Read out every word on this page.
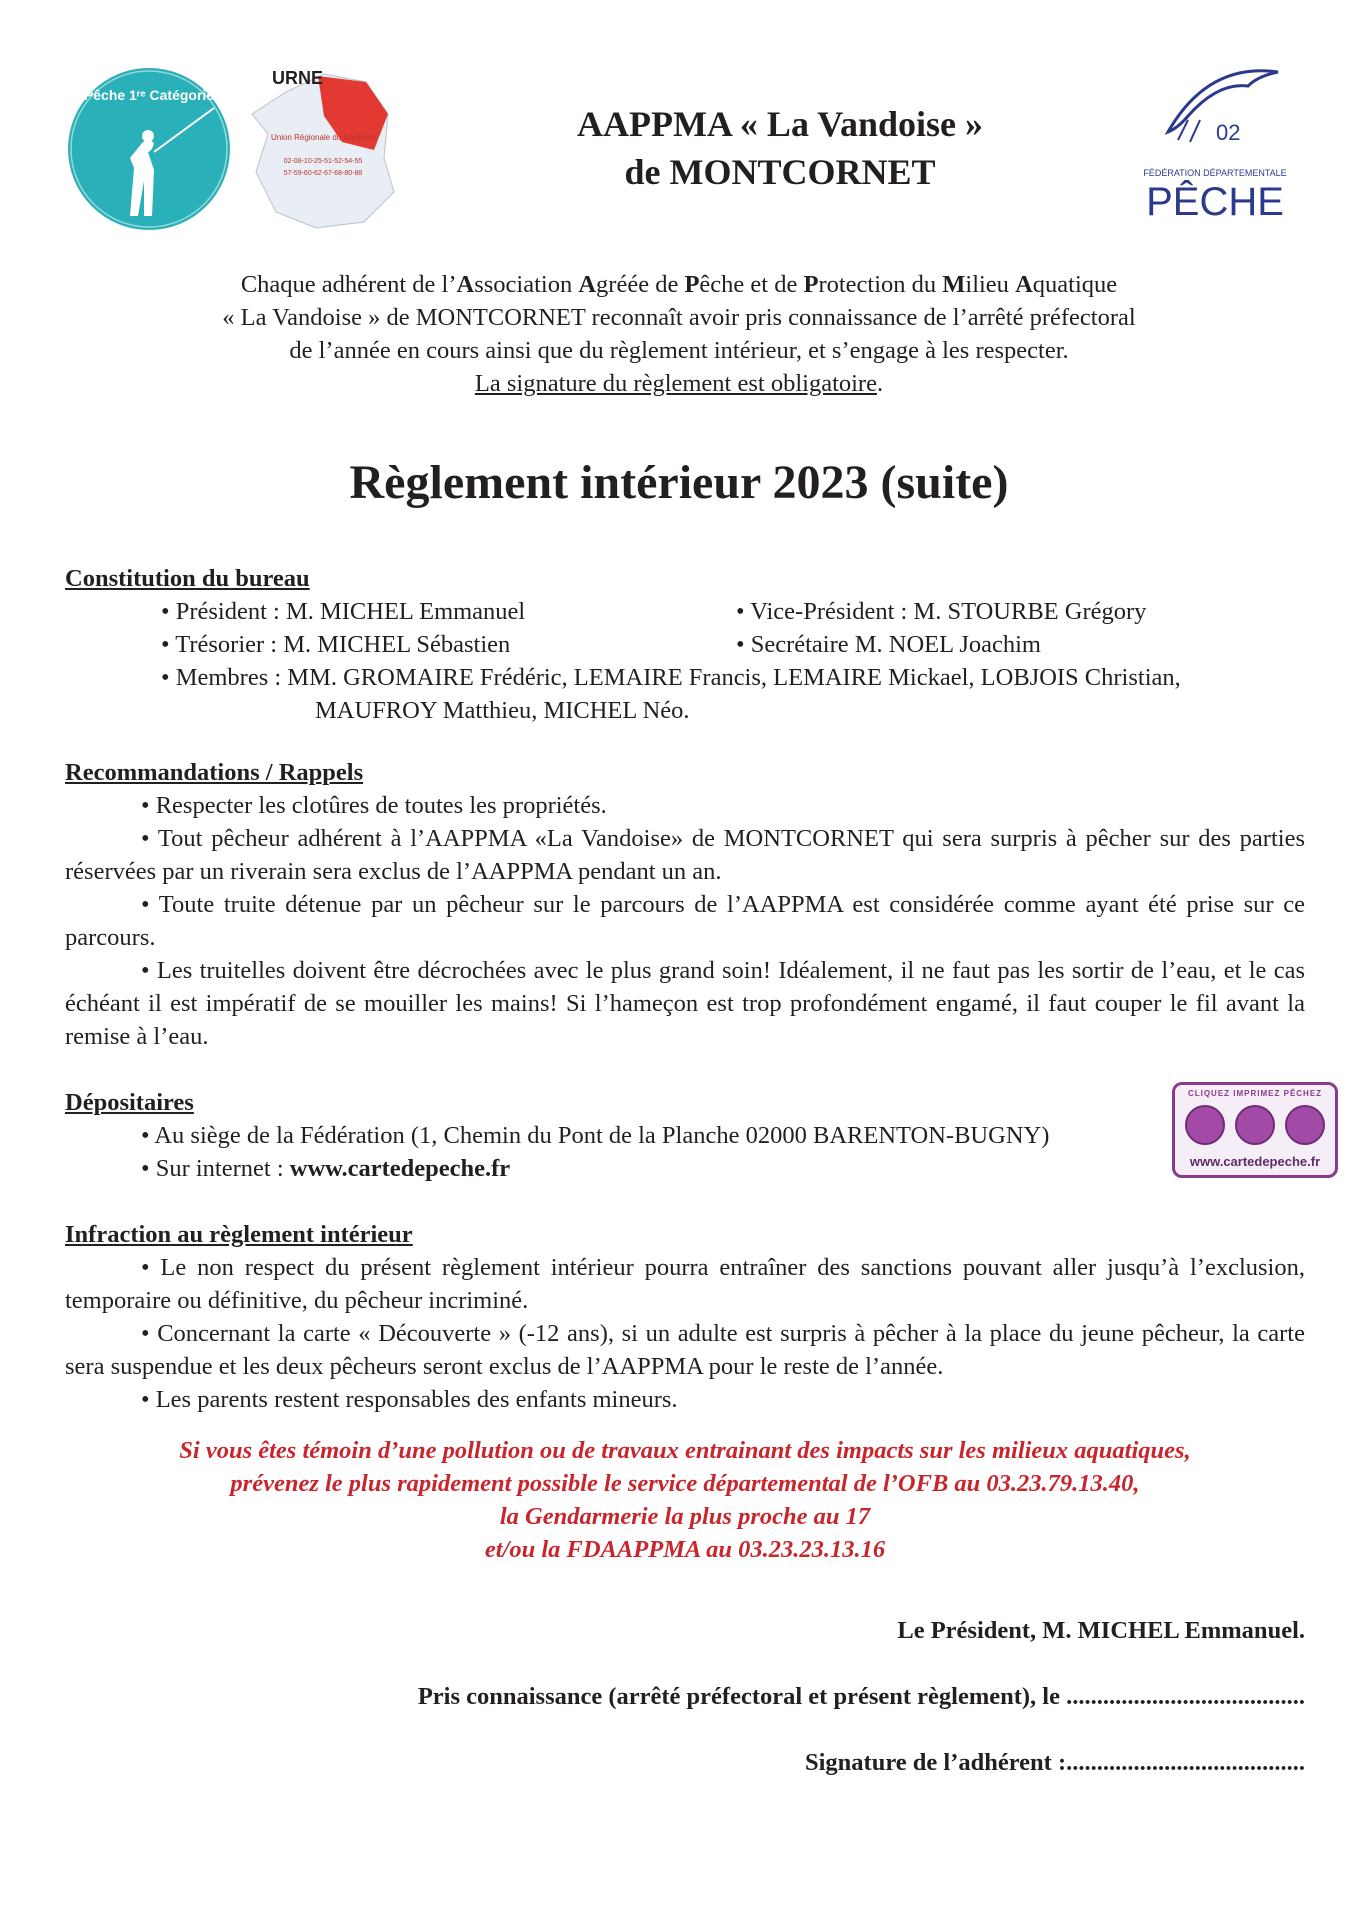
Pêche 1ʳᵉ Catégorie
URNE
Union Régionale du Nord-Est
02-08-10-25-51-52-54-55
57-59-60-62-67-68-80-88
02
FÉDÉRATION DÉPARTEMENTALE
PÊCHE
AAPPMA « La Vandoise »
de MONTCORNET
Chaque adhérent de l’Association Agréée de Pêche et de Protection du Milieu Aquatique
« La Vandoise » de MONTCORNET reconnaît avoir pris connaissance de l’arrêté préfectoral
de l’année en cours ainsi que du règlement intérieur, et s’engage à les respecter.
La signature du règlement est obligatoire.
Règlement intérieur 2023 (suite)
Constitution du bureau
• Président : M. MICHEL Emmanuel	• Vice-Président : M. STOURBE Grégory
• Trésorier : M. MICHEL Sébastien	• Secrétaire M. NOEL Joachim
• Membres : MM. GROMAIRE Frédéric, LEMAIRE Francis, LEMAIRE Mickael, LOBJOIS Christian,
MAUFROY Matthieu, MICHEL Néo.
Recommandations / Rappels
• Respecter les clotûres de toutes les propriétés.
• Tout pêcheur adhérent à l’AAPPMA «La Vandoise» de MONTCORNET qui sera surpris à pêcher sur des parties réservées par un riverain sera exclus de l’AAPPMA pendant un an.
• Toute truite détenue par un pêcheur sur le parcours de l’AAPPMA est considérée comme ayant été prise sur ce parcours.
• Les truitelles doivent être décrochées avec le plus grand soin! Idéalement, il ne faut pas les sortir de l’eau, et le cas échéant il est impératif de se mouiller les mains! Si l’hameçon est trop profondément engamé, il faut couper le fil avant la remise à l’eau.
Dépositaires
• Au siège de la Fédération (1, Chemin du Pont de la Planche 02000 BARENTON-BUGNY)
• Sur internet : www.cartedepeche.fr
Infraction au règlement intérieur
• Le non respect du présent règlement intérieur pourra entraîner des sanctions pouvant aller jusqu’à l’exclusion, temporaire ou définitive, du pêcheur incriminé.
• Concernant la carte « Découverte » (-12 ans), si un adulte est surpris à pêcher à la place du jeune pêcheur, la carte sera suspendue et les deux pêcheurs seront exclus de l’AAPPMA pour le reste de l’année.
• Les parents restent responsables des enfants mineurs.
Si vous êtes témoin d’une pollution ou de travaux entrainant des impacts sur les milieux aquatiques,
prévenez le plus rapidement possible le service départemental de l’OFB au 03.23.79.13.40,
la Gendarmerie la plus proche au 17
et/ou la FDAAPPMA au 03.23.23.13.16
Le Président, M. MICHEL Emmanuel.
Pris connaissance (arrêté préfectoral et présent règlement), le .......................................
Signature de l’adhérent :.......................................
CLIQUEZ IMPRIMEZ PÊCHEZ
www.cartedepeche.fr
